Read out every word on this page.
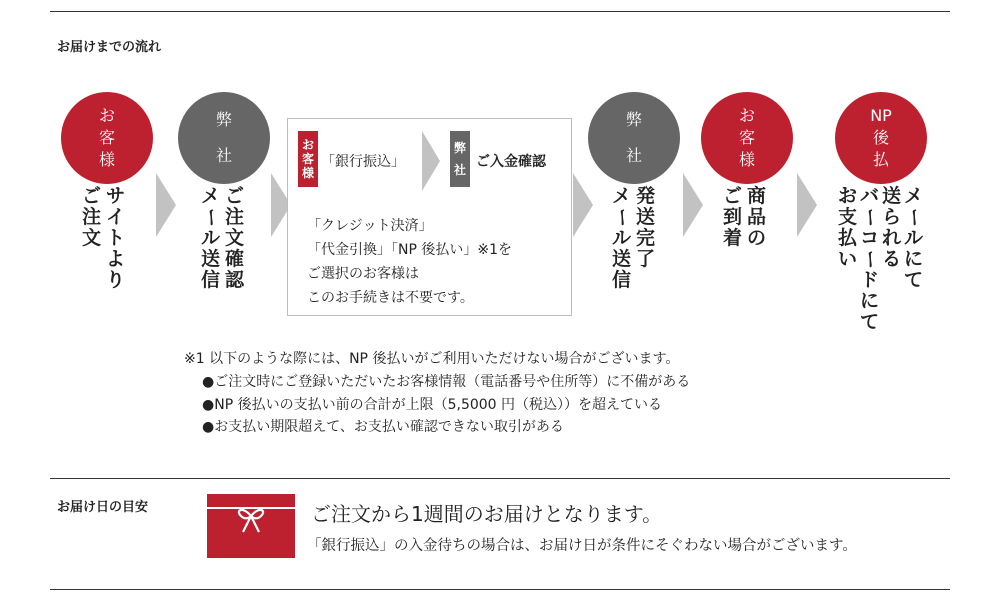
お届けまでの流れ
お
客
様
サ
イ
ト
よ
り
ご
注
文
弊
社
ご
注
文
確
認
メ
ー
ル
送
信
お
客
様
「銀行振込」
弊
社 ご入金確認
「クレジット決済」
「代金引換」「NP 後払い」※1を
ご選択のお客様は
このお手続きは不要です。
弊
社
発
送
完
了
メ
ー
ル
送
信
お
客
様
商
品
の
ご
到
着
NP
後
払
メ
ー
ル
に
て
送
ら
れ
る
バ
ー
コ
ー
ド
に
て
お
支
払
い
※1 以下のような際には、NP 後払いがご利用いただけない場合がございます。
●ご注文時にご登録いただいたお客様情報（電話番号や住所等）に不備がある
●NP 後払いの支払い前の合計が上限（5,5000 円（税込））を超えている
●お支払い期限超えて、お支払い確認できない取引がある
お届け日の目安	ご注文から1週間のお届けとなります。
「銀行振込」の入金待ちの場合は、お届け日が条件にそぐわない場合がございます。
